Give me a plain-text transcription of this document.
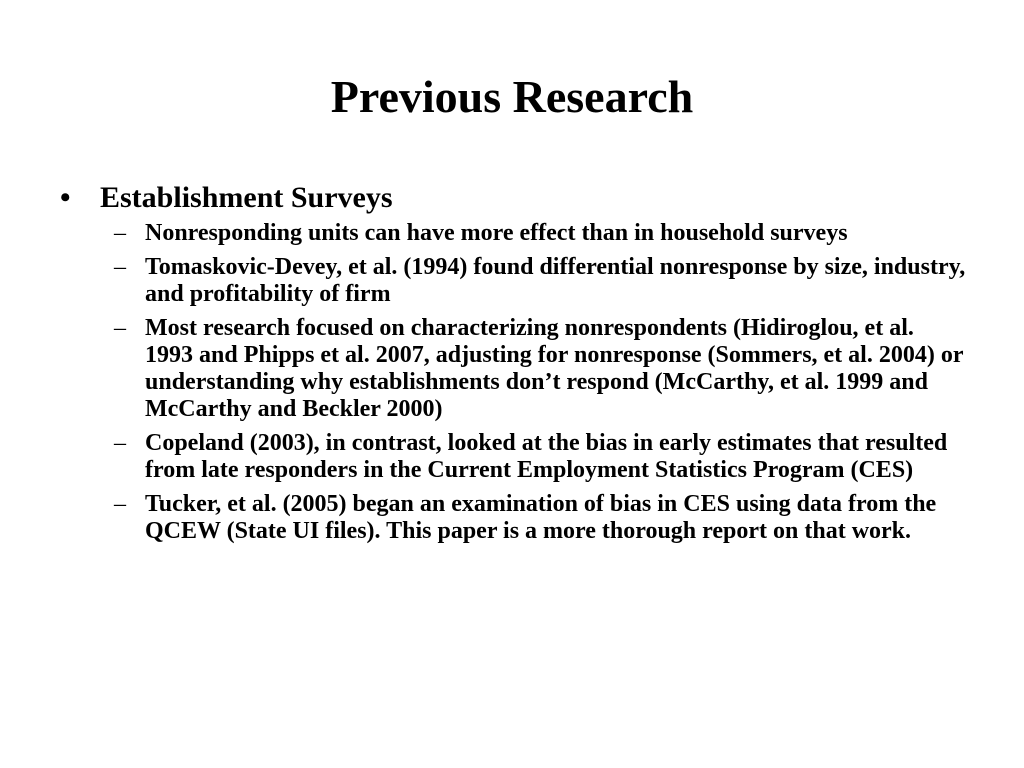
Previous Research
• Establishment Surveys
– Nonresponding units can have more effect than in household surveys
– Tomaskovic-Devey, et al. (1994) found differential nonresponse by size, industry, and profitability of firm
– Most research focused on characterizing nonrespondents (Hidiroglou, et al. 1993 and Phipps et al. 2007, adjusting for nonresponse (Sommers, et al. 2004) or understanding why establishments don’t respond (McCarthy, et al. 1999 and McCarthy and Beckler 2000)
– Copeland (2003), in contrast, looked at the bias in early estimates that resulted from late responders in the Current Employment Statistics Program (CES)
– Tucker, et al. (2005) began an examination of bias in CES using data from the QCEW (State UI files). This paper is a more thorough report on that work.
